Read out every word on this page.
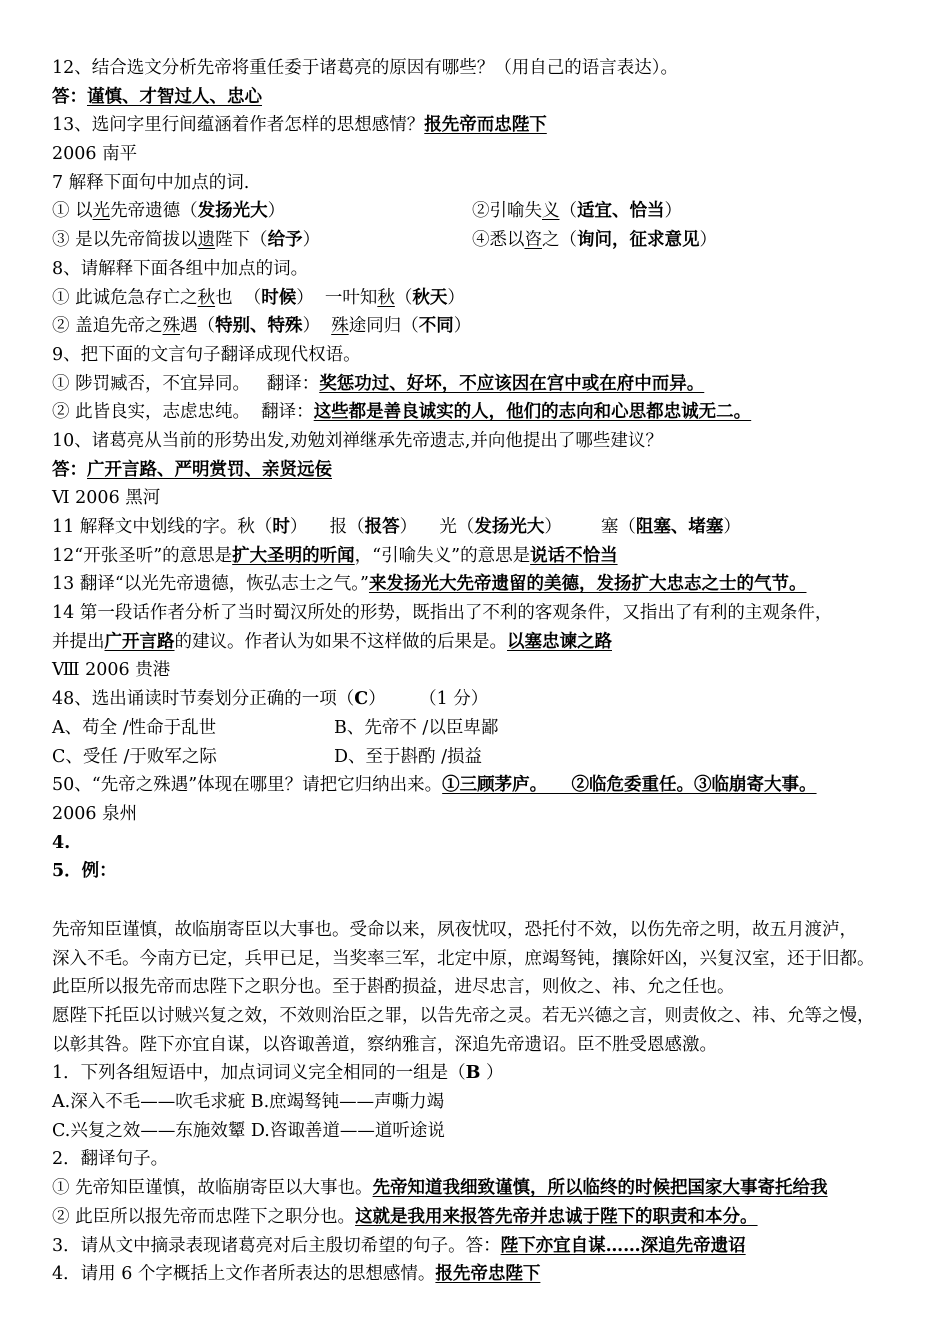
12、结合选文分析先帝将重任委于诸葛亮的原因有哪些？（用自己的语言表达）。
答：谨慎、才智过人、忠心
13、选问字里行间蕴涵着作者怎样的思想感情？报先帝而忠陛下
2006 南平
7 解释下面句中加点的词.
① 以光先帝遗德（发扬光大）	②引喻失义（适宜、恰当）
③ 是以先帝简拔以遗陛下（给予）	④悉以咨之（询问，征求意见）
8、请解释下面各组中加点的词。
① 此诚危急存亡之秋也  （时候）  一叶知秋（秋天）
② 盖追先帝之殊遇（特别、特殊）  殊途同归（不同）
9、把下面的文言句子翻译成现代权语。
① 陟罚臧否，不宜异同。   翻译：奖惩功过、好坏，不应该因在宫中或在府中而异。
② 此皆良实，志虑忠纯。  翻译：这些都是善良诚实的人，他们的志向和心思都忠诚无二。
10、诸葛亮从当前的形势出发,劝勉刘禅继承先帝遗志,并向他提出了哪些建议？
答：广开言路、严明赏罚、亲贤远佞
Ⅵ 2006 黑河
11 解释文中划线的字。秋（时）    报（报答）    光（发扬光大）       塞（阻塞、堵塞）
12“开张圣听”的意思是扩大圣明的听闻，“引喻失义”的意思是说话不恰当
13 翻译“以光先帝遗德，恢弘志士之气。”来发扬光大先帝遗留的美德，发扬扩大忠志之士的气节。
14 第一段话作者分析了当时蜀汉所处的形势，既指出了不利的客观条件，又指出了有利的主观条件，
并提出广开言路的建议。作者认为如果不这样做的后果是。以塞忠谏之路
Ⅷ 2006 贵港
48、选出诵读时节奏划分正确的一项（C）      （1 分）
A、苟全 /性命于乱世	B、先帝不 /以臣卑鄙
C、受任 /于败军之际	D、至于斟酌 /损益
50、“先帝之殊遇”体现在哪里？请把它归纳出来。①三顾茅庐。    ②临危委重任。③临崩寄大事。
2006 泉州
4.
5．例：
先帝知臣谨慎，故临崩寄臣以大事也。受命以来，夙夜忧叹，恐托付不效，以伤先帝之明，故五月渡泸，
深入不毛。今南方已定，兵甲已足，当奖率三军，北定中原，庶竭驽钝，攘除奸凶，兴复汉室，还于旧都。
此臣所以报先帝而忠陛下之职分也。至于斟酌损益，进尽忠言，则攸之、祎、允之任也。
愿陛下托臣以讨贼兴复之效，不效则治臣之罪，以告先帝之灵。若无兴德之言，则责攸之、祎、允等之慢，
以彰其咎。陛下亦宜自谋，以咨诹善道，察纳雅言，深追先帝遗诏。臣不胜受恩感激。
1．下列各组短语中，加点词词义完全相同的一组是（B ）
A.深入不毛——吹毛求疵 B.庶竭驽钝——声嘶力竭
C.兴复之效——东施效颦 D.咨诹善道——道听途说
2．翻译句子。
① 先帝知臣谨慎，故临崩寄臣以大事也。先帝知道我细致谨慎，所以临终的时候把国家大事寄托给我
② 此臣所以报先帝而忠陛下之职分也。这就是我用来报答先帝并忠诚于陛下的职责和本分。
3．请从文中摘录表现诸葛亮对后主殷切希望的句子。答：陛下亦宜自谋……深追先帝遗诏
4．请用 6 个字概括上文作者所表达的思想感情。报先帝忠陛下
